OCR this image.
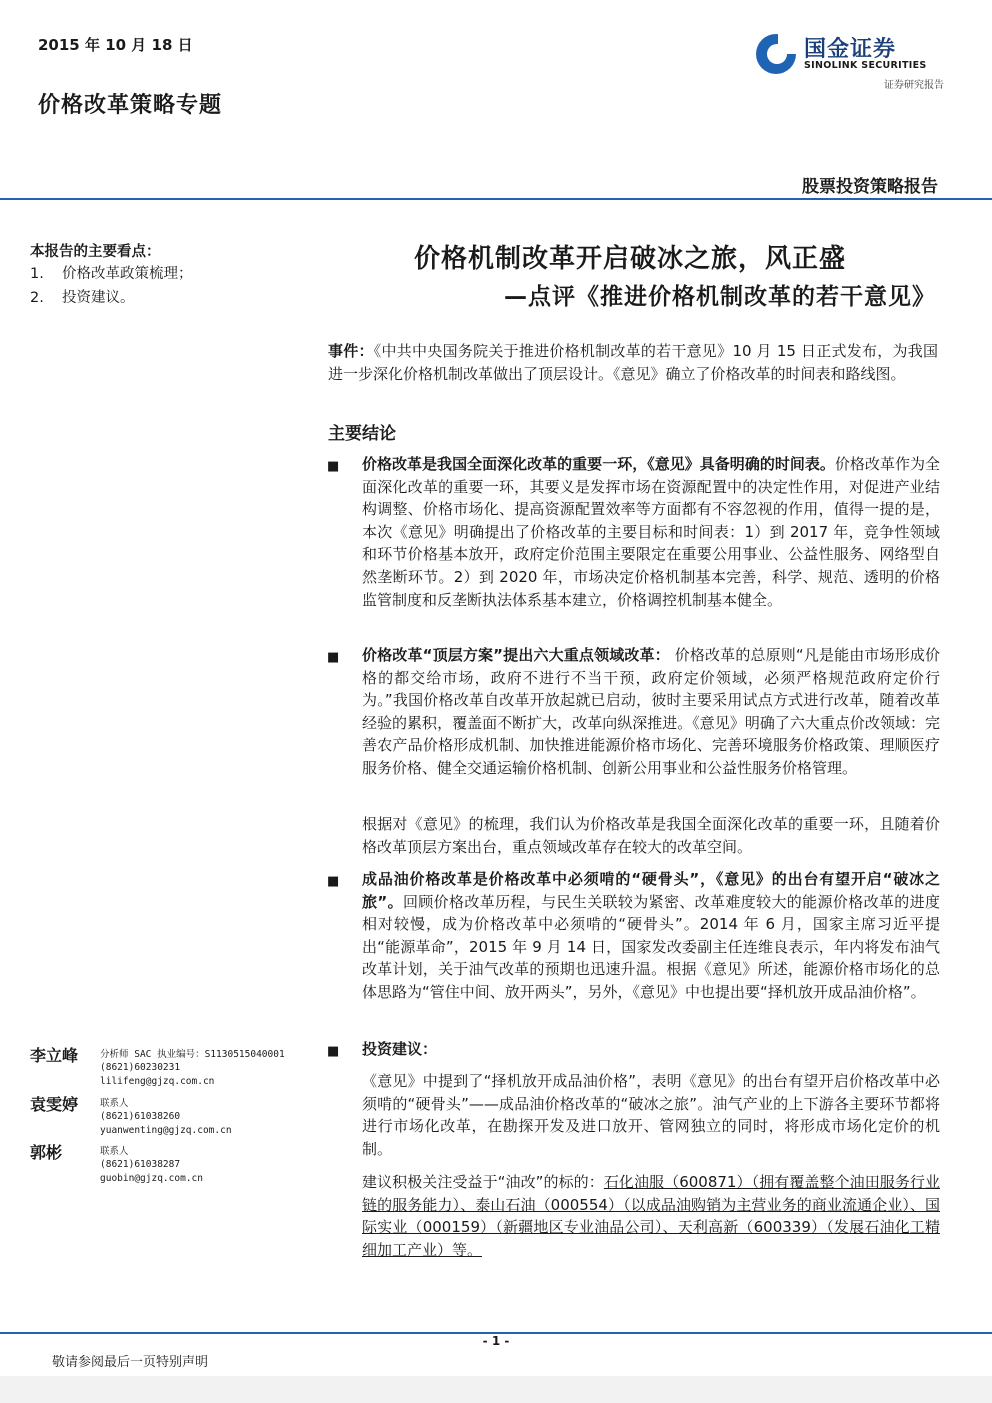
2015 年 10 月 18 日	国金证券
SINOLINK SECURITIES
证券研究报告
价格改革策略专题
股票投资策略报告
本报告的主要看点：
1. 价格改革政策梳理；
2. 投资建议。
价格机制改革开启破冰之旅，风正盛
—点评《推进价格机制改革的若干意见》
事件：《中共中央国务院关于推进价格机制改革的若干意见》10 月 15 日正式发布，为我国进一步深化价格机制改革做出了顶层设计。《意见》确立了价格改革的时间表和路线图。
主要结论
■ 价格改革是我国全面深化改革的重要一环，《意见》具备明确的时间表。价格改革作为全面深化改革的重要一环，其要义是发挥市场在资源配置中的决定性作用，对促进产业结构调整、价格市场化、提高资源配置效率等方面都有不容忽视的作用，值得一提的是，本次《意见》明确提出了价格改革的主要目标和时间表：1）到 2017 年，竞争性领域和环节价格基本放开，政府定价范围主要限定在重要公用事业、公益性服务、网络型自然垄断环节。2）到 2020 年，市场决定价格机制基本完善，科学、规范、透明的价格监管制度和反垄断执法体系基本建立，价格调控机制基本健全。
■ 价格改革“顶层方案”提出六大重点领域改革： 价格改革的总原则“凡是能由市场形成价格的都交给市场，政府不进行不当干预，政府定价领域，必须严格规范政府定价行为。”我国价格改革自改革开放起就已启动，彼时主要采用试点方式进行改革，随着改革经验的累积，覆盖面不断扩大，改革向纵深推进。《意见》明确了六大重点价改领域：完善农产品价格形成机制、加快推进能源价格市场化、完善环境服务价格政策、理顺医疗服务价格、健全交通运输价格机制、创新公用事业和公益性服务价格管理。
根据对《意见》的梳理，我们认为价格改革是我国全面深化改革的重要一环，且随着价格改革顶层方案出台，重点领域改革存在较大的改革空间。
■ 成品油价格改革是价格改革中必须啃的“硬骨头”，《意见》的出台有望开启“破冰之旅”。回顾价格改革历程，与民生关联较为紧密、改革难度较大的能源价格改革的进度相对较慢，成为价格改革中必须啃的“硬骨头”。2014 年 6 月，国家主席习近平提出“能源革命”，2015 年 9 月 14 日，国家发改委副主任连维良表示，年内将发布油气改革计划，关于油气改革的预期也迅速升温。根据《意见》所述，能源价格市场化的总体思路为“管住中间、放开两头”，另外，《意见》中也提出要“择机放开成品油价格”。
■ 投资建议：
《意见》中提到了“择机放开成品油价格”，表明《意见》的出台有望开启价格改革中必须啃的“硬骨头”——成品油价格改革的“破冰之旅”。油气产业的上下游各主要环节都将进行市场化改革，在勘探开发及进口放开、管网独立的同时，将形成市场化定价的机制。
建议积极关注受益于“油改”的标的：石化油服（600871）（拥有覆盖整个油田服务行业链的服务能力）、泰山石油（000554）（以成品油购销为主营业务的商业流通企业）、国际实业（000159）（新疆地区专业油品公司）、天利高新（600339）（发展石油化工精细加工产业）等。
李立峰 分析师 SAC 执业编号：S1130515040001
(8621)60230231
lilifeng@gjzq.com.cn
袁雯婷 联系人
(8621)61038260
yuanwenting@gjzq.com.cn
郭彬	联系人
(8621)61038287
guobin@gjzq.com.cn
- 1 -
敬请参阅最后一页特别声明
